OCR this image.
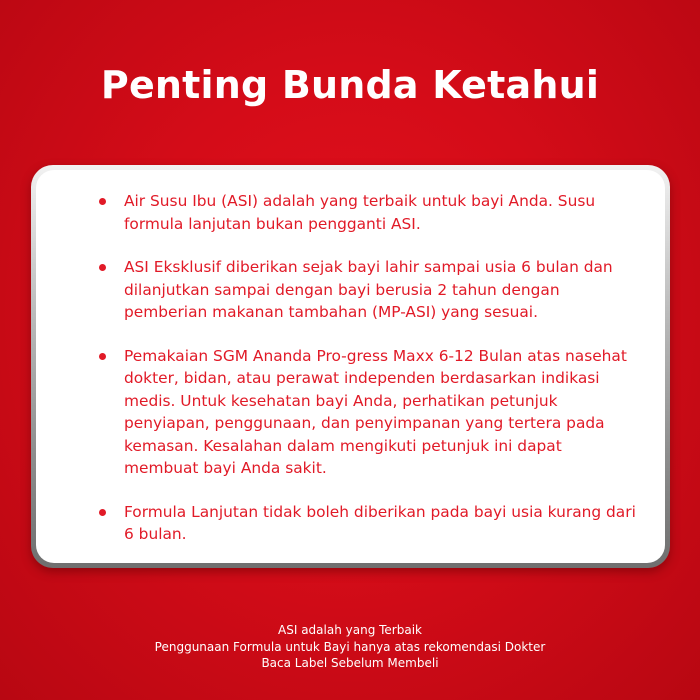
Penting Bunda Ketahui
Air Susu Ibu (ASI) adalah yang terbaik untuk bayi Anda. Susu formula lanjutan bukan pengganti ASI.
ASI Eksklusif diberikan sejak bayi lahir sampai usia 6 bulan dan dilanjutkan sampai dengan bayi berusia 2 tahun dengan pemberian makanan tambahan (MP-ASI) yang sesuai.
Pemakaian SGM Ananda Pro-gress Maxx 6-12 Bulan atas nasehat dokter, bidan, atau perawat independen berdasarkan indikasi medis. Untuk kesehatan bayi Anda, perhatikan petunjuk penyiapan, penggunaan, dan penyimpanan yang tertera pada kemasan. Kesalahan dalam mengikuti petunjuk ini dapat membuat bayi Anda sakit.
Formula Lanjutan tidak boleh diberikan pada bayi usia kurang dari 6 bulan.
ASI adalah yang Terbaik
Penggunaan Formula untuk Bayi hanya atas rekomendasi Dokter
Baca Label Sebelum Membeli
